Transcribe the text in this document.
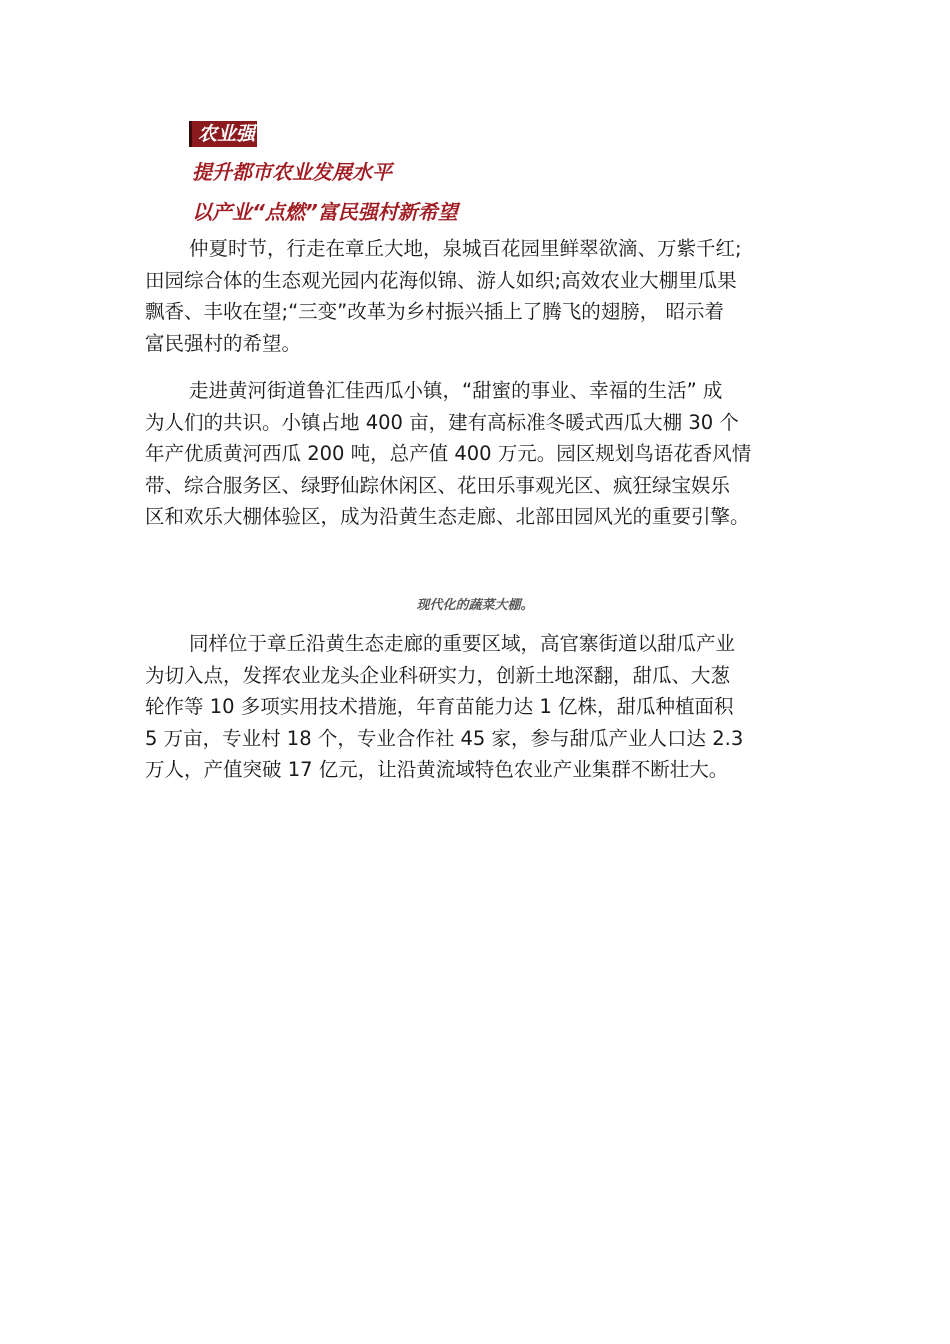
农业强
提升都市农业发展水平
以产业“点燃”富民强村新希望

仲夏时节，行走在章丘大地，泉城百花园里鲜翠欲滴、万紫千红;
田园综合体的生态观光园内花海似锦、游人如织;高效农业大棚里瓜果
飘香、丰收在望;“三变”改革为乡村振兴插上了腾飞的翅膀， 昭示着
富民强村的希望。

走进黄河街道鲁汇佳西瓜小镇，“甜蜜的事业、幸福的生活” 成
为人们的共识。小镇占地 400 亩，建有高标准冬暖式西瓜大棚 30 个
年产优质黄河西瓜 200 吨，总产值 400 万元。园区规划鸟语花香风情
带、综合服务区、绿野仙踪休闲区、花田乐事观光区、疯狂绿宝娱乐
区和欢乐大棚体验区，成为沿黄生态走廊、北部田园风光的重要引擎。

现代化的蔬菜大棚。

同样位于章丘沿黄生态走廊的重要区域，高官寨街道以甜瓜产业
为切入点，发挥农业龙头企业科研实力，创新土地深翻，甜瓜、大葱
轮作等 10 多项实用技术措施，年育苗能力达 1 亿株，甜瓜种植面积
5 万亩，专业村 18 个，专业合作社 45 家，参与甜瓜产业人口达 2.3
万人，产值突破 17 亿元，让沿黄流域特色农业产业集群不断壮大。
